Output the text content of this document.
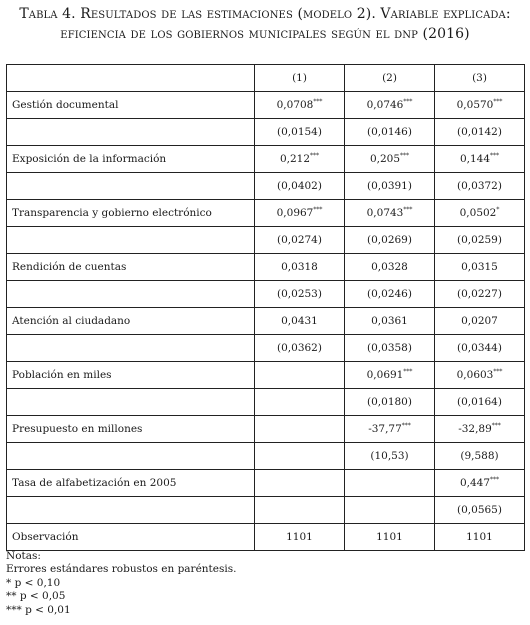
Tabla 4. Resultados de las estimaciones (modelo 2). Variable explicada:
eficiencia de los gobiernos municipales según el dnp (2016)
	(1)	(2)	(3)
Gestión documental	0,0708***	0,0746***	0,0570***
	(0,0154)	(0,0146)	(0,0142)
Exposición de la información	0,212***	0,205***	0,144***
	(0,0402)	(0,0391)	(0,0372)
Transparencia y gobierno electrónico	0,0967***	0,0743***	0,0502*
	(0,0274)	(0,0269)	(0,0259)
Rendición de cuentas	0,0318	0,0328	0,0315
	(0,0253)	(0,0246)	(0,0227)
Atención al ciudadano	0,0431	0,0361	0,0207
	(0,0362)	(0,0358)	(0,0344)
Población en miles		0,0691***	0,0603***
		(0,0180)	(0,0164)
Presupuesto en millones		-37,77***	-32,89***
		(10,53)	(9,588)
Tasa de alfabetización en 2005			0,447***
			(0,0565)
Observación	1101	1101	1101
Notas:
Errores estándares robustos en paréntesis.
* p < 0,10
** p < 0,05
*** p < 0,01
